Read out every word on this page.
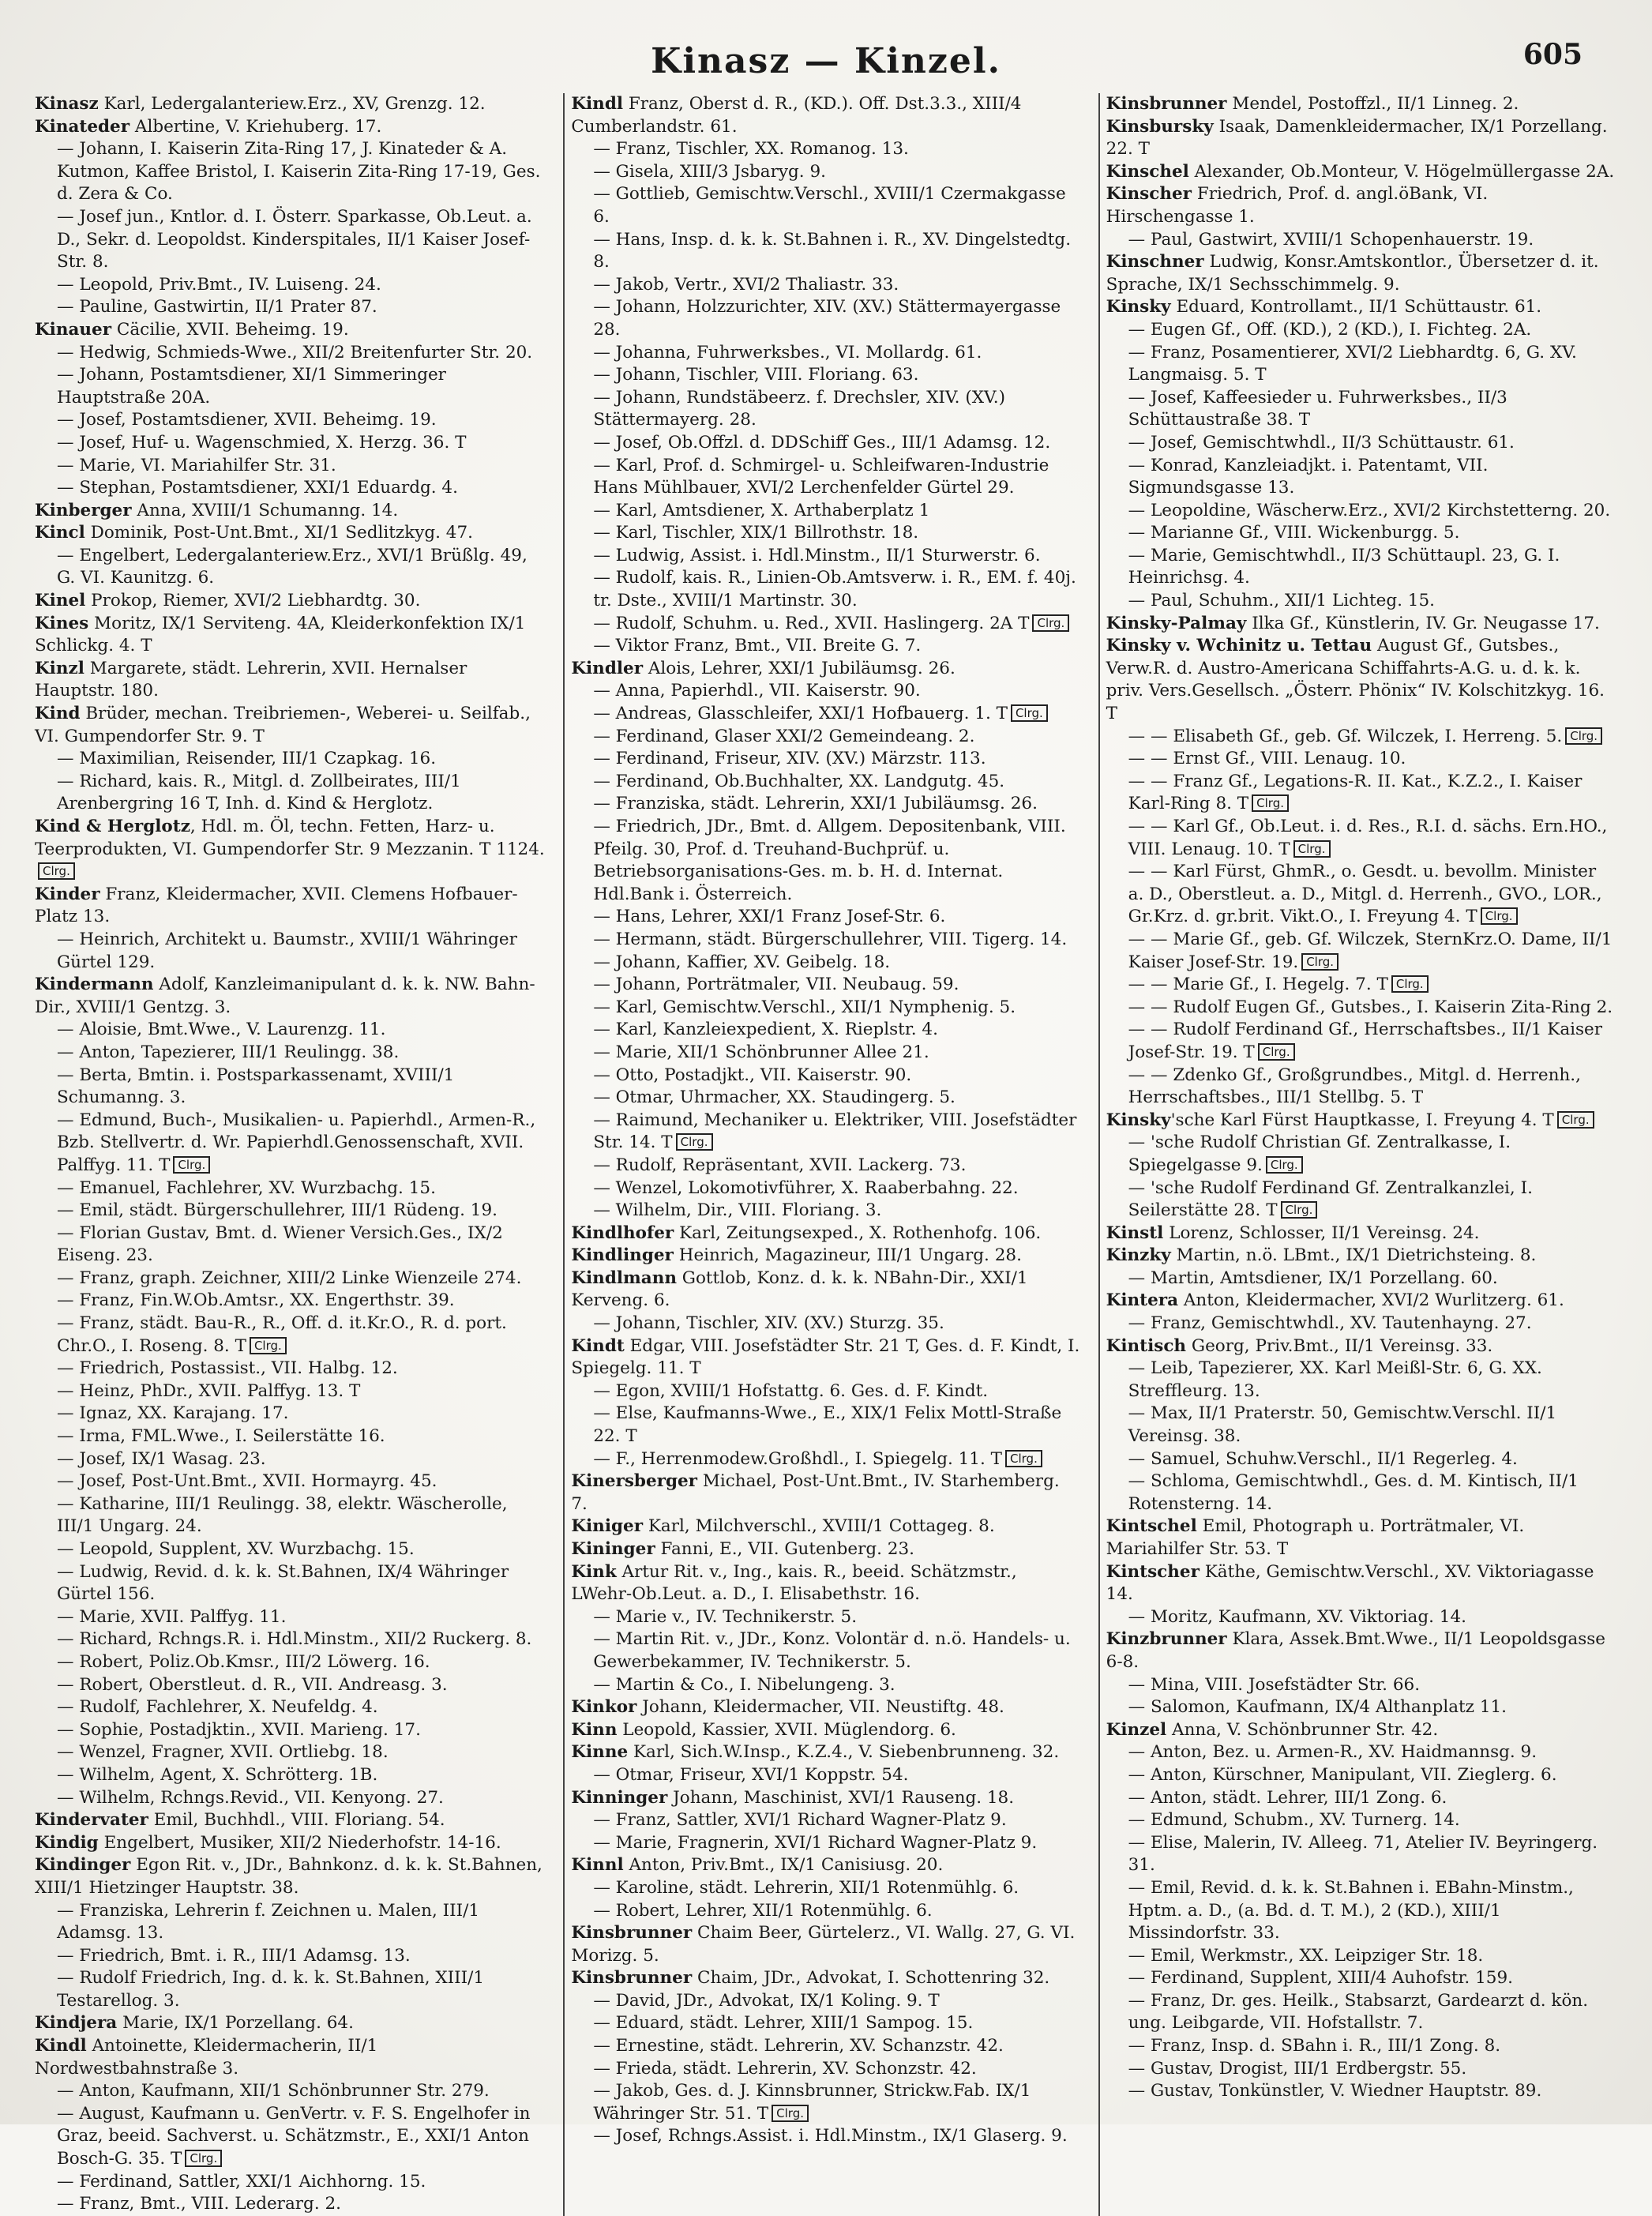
Kinasz — Kinzel.	605

Kinasz Karl, Ledergalanteriew.Erz., XV, Grenzg. 12.

Kinateder Albertine, V. Kriehuberg. 17.

— Johann, I. Kaiserin Zita-Ring 17, J. Kinateder & A. Kutmon, Kaffee Bristol, I. Kaiserin Zita-Ring 17-19, Ges. d. Zera & Co.

— Josef jun., Kntlor. d. I. Österr. Sparkasse, Ob.Leut. a. D., Sekr. d. Leopoldst. Kinderspitales, II/1 Kaiser Josef-Str. 8.

— Leopold, Priv.Bmt., IV. Luiseng. 24.

— Pauline, Gastwirtin, II/1 Prater 87.

Kinauer Cäcilie, XVII. Beheimg. 19.

— Hedwig, Schmieds-Wwe., XII/2 Breitenfurter Str. 20.

— Johann, Postamtsdiener, XI/1 Simmeringer Hauptstraße 20A.

— Josef, Postamtsdiener, XVII. Beheimg. 19.

— Josef, Huf- u. Wagenschmied, X. Herzg. 36. T

— Marie, VI. Mariahilfer Str. 31.

— Stephan, Postamtsdiener, XXI/1 Eduardg. 4.

Kinberger Anna, XVIII/1 Schumanng. 14.

Kincl Dominik, Post-Unt.Bmt., XI/1 Sedlitzkyg. 47.

— Engelbert, Ledergalanteriew.Erz., XVI/1 Brüßlg. 49, G. VI. Kaunitzg. 6.

Kinel Prokop, Riemer, XVI/2 Liebhardtg. 30.

Kines Moritz, IX/1 Serviteng. 4A, Kleiderkonfektion IX/1 Schlickg. 4. T

Kinzl Margarete, städt. Lehrerin, XVII. Hernalser Hauptstr. 180.

Kind Brüder, mechan. Treibriemen-, Weberei- u. Seilfab., VI. Gumpendorfer Str. 9. T

— Maximilian, Reisender, III/1 Czapkag. 16.

— Richard, kais. R., Mitgl. d. Zollbeirates, III/1 Arenbergring 16 T, Inh. d. Kind & Herglotz.

Kind & Herglotz, Hdl. m. Öl, techn. Fetten, Harz- u. Teerprodukten, VI. Gumpendorfer Str. 9 Mezzanin. T 1124.Clrg.

Kinder Franz, Kleidermacher, XVII. Clemens Hofbauer-Platz 13.

— Heinrich, Architekt u. Baumstr., XVIII/1 Währinger Gürtel 129.

Kindermann Adolf, Kanzleimanipulant d. k. k. NW. Bahn-Dir., XVIII/1 Gentzg. 3.

— Aloisie, Bmt.Wwe., V. Laurenzg. 11.

— Anton, Tapezierer, III/1 Reulingg. 38.

— Berta, Bmtin. i. Postsparkassenamt, XVIII/1 Schumanng. 3.

— Edmund, Buch-, Musikalien- u. Papierhdl., Armen-R., Bzb. Stellvertr. d. Wr. Papierhdl.Genossenschaft, XVII. Palffyg. 11. T Clrg.

— Emanuel, Fachlehrer, XV. Wurzbachg. 15.

— Emil, städt. Bürgerschullehrer, III/1 Rüdeng. 19.

— Florian Gustav, Bmt. d. Wiener Versich.Ges., IX/2 Eiseng. 23.

— Franz, graph. Zeichner, XIII/2 Linke Wienzeile 274.

— Franz, Fin.W.Ob.Amtsr., XX. Engerthstr. 39.

— Franz, städt. Bau-R., R., Off. d. it.Kr.O., R. d. port. Chr.O., I. Roseng. 8. T Clrg.

— Friedrich, Postassist., VII. Halbg. 12.

— Heinz, PhDr., XVII. Palffyg. 13. T

— Ignaz, XX. Karajang. 17.

— Irma, FML.Wwe., I. Seilerstätte 16.

— Josef, IX/1 Wasag. 23.

— Josef, Post-Unt.Bmt., XVII. Hormayrg. 45.

— Katharine, III/1 Reulingg. 38, elektr. Wäscherolle, III/1 Ungarg. 24.

— Leopold, Supplent, XV. Wurzbachg. 15.

— Ludwig, Revid. d. k. k. St.Bahnen, IX/4 Währinger Gürtel 156.

— Marie, XVII. Palffyg. 11.

— Richard, Rchngs.R. i. Hdl.Minstm., XII/2 Ruckerg. 8.

— Robert, Poliz.Ob.Kmsr., III/2 Löwerg. 16.

— Robert, Oberstleut. d. R., VII. Andreasg. 3.

— Rudolf, Fachlehrer, X. Neufeldg. 4.

— Sophie, Postadjktin., XVII. Marieng. 17.

— Wenzel, Fragner, XVII. Ortliebg. 18.

— Wilhelm, Agent, X. Schrötterg. 1B.

— Wilhelm, Rchngs.Revid., VII. Kenyong. 27.

Kindervater Emil, Buchhdl., VIII. Floriang. 54.

Kindig Engelbert, Musiker, XII/2 Niederhofstr. 14-16.

Kindinger Egon Rit. v., JDr., Bahnkonz. d. k. k. St.Bahnen, XIII/1 Hietzinger Hauptstr. 38.

— Franziska, Lehrerin f. Zeichnen u. Malen, III/1 Adamsg. 13.

— Friedrich, Bmt. i. R., III/1 Adamsg. 13.

— Rudolf Friedrich, Ing. d. k. k. St.Bahnen, XIII/1 Testarellog. 3.

Kindjera Marie, IX/1 Porzellang. 64.

Kindl Antoinette, Kleidermacherin, II/1 Nordwestbahnstraße 3.

— Anton, Kaufmann, XII/1 Schönbrunner Str. 279.

— August, Kaufmann u. GenVertr. v. F. S. Engelhofer in Graz, beeid. Sachverst. u. Schätzmstr., E., XXI/1 Anton Bosch-G. 35. T Clrg.

— Ferdinand, Sattler, XXI/1 Aichhorng. 15.

— Franz, Bmt., VIII. Lederarg. 2.

Kindl Franz, Oberst d. R., (KD.). Off. Dst.3.3., XIII/4 Cumberlandstr. 61.

— Franz, Tischler, XX. Romanog. 13.

— Gisela, XIII/3 Jsbaryg. 9.

— Gottlieb, Gemischtw.Verschl., XVIII/1 Czermakgasse 6.

— Hans, Insp. d. k. k. St.Bahnen i. R., XV. Dingelstedtg. 8.

— Jakob, Vertr., XVI/2 Thaliastr. 33.

— Johann, Holzzurichter, XIV. (XV.) Stättermayergasse 28.

— Johanna, Fuhrwerksbes., VI. Mollardg. 61.

— Johann, Tischler, VIII. Floriang. 63.

— Johann, Rundstäbeerz. f. Drechsler, XIV. (XV.) Stättermayerg. 28.

— Josef, Ob.Offzl. d. DDSchiff Ges., III/1 Adamsg. 12.

— Karl, Prof. d. Schmirgel- u. Schleifwaren-Industrie Hans Mühlbauer, XVI/2 Lerchenfelder Gürtel 29.

— Karl, Amtsdiener, X. Arthaberplatz 1

— Karl, Tischler, XIX/1 Billrothstr. 18.

— Ludwig, Assist. i. Hdl.Minstm., II/1 Sturwerstr. 6.

— Rudolf, kais. R., Linien-Ob.Amtsverw. i. R., EM. f. 40j. tr. Dste., XVIII/1 Martinstr. 30.

— Rudolf, Schuhm. u. Red., XVII. Haslingerg. 2A T Clrg.

— Viktor Franz, Bmt., VII. Breite G. 7.

Kindler Alois, Lehrer, XXI/1 Jubiläumsg. 26.

— Anna, Papierhdl., VII. Kaiserstr. 90.

— Andreas, Glasschleifer, XXI/1 Hofbauerg. 1. T Clrg.

— Ferdinand, Glaser XXI/2 Gemeindeang. 2.

— Ferdinand, Friseur, XIV. (XV.) Märzstr. 113.

— Ferdinand, Ob.Buchhalter, XX. Landgutg. 45.

— Franziska, städt. Lehrerin, XXI/1 Jubiläumsg. 26.

— Friedrich, JDr., Bmt. d. Allgem. Depositenbank, VIII. Pfeilg. 30, Prof. d. Treuhand-Buchprüf. u. Betriebsorganisations-Ges. m. b. H. d. Internat. Hdl.Bank i. Österreich.

— Hans, Lehrer, XXI/1 Franz Josef-Str. 6.

— Hermann, städt. Bürgerschullehrer, VIII. Tigerg. 14.

— Johann, Kaffier, XV. Geibelg. 18.

— Johann, Porträtmaler, VII. Neubaug. 59.

— Karl, Gemischtw.Verschl., XII/1 Nymphenig. 5.

— Karl, Kanzleiexpedient, X. Rieplstr. 4.

— Marie, XII/1 Schönbrunner Allee 21.

— Otto, Postadjkt., VII. Kaiserstr. 90.

— Otmar, Uhrmacher, XX. Staudingerg. 5.

— Raimund, Mechaniker u. Elektriker, VIII. Josefstädter Str. 14. T Clrg.

— Rudolf, Repräsentant, XVII. Lackerg. 73.

— Wenzel, Lokomotivführer, X. Raaberbahng. 22.

— Wilhelm, Dir., VIII. Floriang. 3.

Kindlhofer Karl, Zeitungsexped., X. Rothenhofg. 106.

Kindlinger Heinrich, Magazineur, III/1 Ungarg. 28.

Kindlmann Gottlob, Konz. d. k. k. NBahn-Dir., XXI/1 Kerveng. 6.

— Johann, Tischler, XIV. (XV.) Sturzg. 35.

Kindt Edgar, VIII. Josefstädter Str. 21 T, Ges. d. F. Kindt, I. Spiegelg. 11. T

— Egon, XVIII/1 Hofstattg. 6. Ges. d. F. Kindt.

— Else, Kaufmanns-Wwe., E., XIX/1 Felix Mottl-Straße 22. T

— F., Herrenmodew.Großhdl., I. Spiegelg. 11. T Clrg.

Kinersberger Michael, Post-Unt.Bmt., IV. Starhemberg. 7.

Kiniger Karl, Milchverschl., XVIII/1 Cottageg. 8.

Kininger Fanni, E., VII. Gutenberg. 23.

Kink Artur Rit. v., Ing., kais. R., beeid. Schätzmstr., LWehr-Ob.Leut. a. D., I. Elisabethstr. 16.

— Marie v., IV. Technikerstr. 5.

— Martin Rit. v., JDr., Konz. Volontär d. n.ö. Handels- u. Gewerbekammer, IV. Technikerstr. 5.

— Martin & Co., I. Nibelungeng. 3.

Kinkor Johann, Kleidermacher, VII. Neustiftg. 48.

Kinn Leopold, Kassier, XVII. Müglendorg. 6.

Kinne Karl, Sich.W.Insp., K.Z.4., V. Siebenbrunneng. 32.

— Otmar, Friseur, XVI/1 Koppstr. 54.

Kinninger Johann, Maschinist, XVI/1 Rauseng. 18.

— Franz, Sattler, XVI/1 Richard Wagner-Platz 9.

— Marie, Fragnerin, XVI/1 Richard Wagner-Platz 9.

Kinnl Anton, Priv.Bmt., IX/1 Canisiusg. 20.

— Karoline, städt. Lehrerin, XII/1 Rotenmühlg. 6.

— Robert, Lehrer, XII/1 Rotenmühlg. 6.

Kinsbrunner Chaim Beer, Gürtelerz., VI. Wallg. 27, G. VI. Morizg. 5.

Kinsbrunner Chaim, JDr., Advokat, I. Schottenring 32.

— David, JDr., Advokat, IX/1 Koling. 9. T

— Eduard, städt. Lehrer, XIII/1 Sampog. 15.

— Ernestine, städt. Lehrerin, XV. Schanzstr. 42.

— Frieda, städt. Lehrerin, XV. Schonzstr. 42.

— Jakob, Ges. d. J. Kinnsbrunner, Strickw.Fab. IX/1 Währinger Str. 51. T Clrg.

— Josef, Rchngs.Assist. i. Hdl.Minstm., IX/1 Glaserg. 9.

Kinsbrunner Mendel, Postoffzl., II/1 Linneg. 2.

Kinsbursky Isaak, Damenkleidermacher, IX/1 Porzellang. 22. T

Kinschel Alexander, Ob.Monteur, V. Högelmüllergasse 2A.

Kinscher Friedrich, Prof. d. angl.öBank, VI. Hirschengasse 1.

— Paul, Gastwirt, XVIII/1 Schopenhauerstr. 19.

Kinschner Ludwig, Konsr.Amtskontlor., Übersetzer d. it. Sprache, IX/1 Sechsschimmelg. 9.

Kinsky Eduard, Kontrollamt., II/1 Schüttaustr. 61.

— Eugen Gf., Off. (KD.), 2 (KD.), I. Fichteg. 2A.

— Franz, Posamentierer, XVI/2 Liebhardtg. 6, G. XV. Langmaisg. 5. T

— Josef, Kaffeesieder u. Fuhrwerksbes., II/3 Schüttaustraße 38. T

— Josef, Gemischtwhdl., II/3 Schüttaustr. 61.

— Konrad, Kanzleiadjkt. i. Patentamt, VII. Sigmundsgasse 13.

— Leopoldine, Wäscherw.Erz., XVI/2 Kirchstetterng. 20.

— Marianne Gf., VIII. Wickenburgg. 5.

— Marie, Gemischtwhdl., II/3 Schüttaupl. 23, G. I. Heinrichsg. 4.

— Paul, Schuhm., XII/1 Lichteg. 15.

Kinsky-Palmay Ilka Gf., Künstlerin, IV. Gr. Neugasse 17.

Kinsky v. Wchinitz u. Tettau August Gf., Gutsbes., Verw.R. d. Austro-Americana Schiffahrts-A.G. u. d. k. k. priv. Vers.Gesellsch. „Österr. Phönix“ IV. Kolschitzkyg. 16. T

— — Elisabeth Gf., geb. Gf. Wilczek, I. Herreng. 5. Clrg.

— — Ernst Gf., VIII. Lenaug. 10.

— — Franz Gf., Legations-R. II. Kat., K.Z.2., I. Kaiser Karl-Ring 8. T Clrg.

— — Karl Gf., Ob.Leut. i. d. Res., R.I. d. sächs. Ern.HO., VIII. Lenaug. 10. T Clrg.

— — Karl Fürst, GhmR., o. Gesdt. u. bevollm. Minister a. D., Oberstleut. a. D., Mitgl. d. Herrenh., GVO., LOR., Gr.Krz. d. gr.brit. Vikt.O., I. Freyung 4. T Clrg.

— — Marie Gf., geb. Gf. Wilczek, SternKrz.O. Dame, II/1 Kaiser Josef-Str. 19. Clrg.

— — Marie Gf., I. Hegelg. 7. T Clrg.

— — Rudolf Eugen Gf., Gutsbes., I. Kaiserin Zita-Ring 2.

— — Rudolf Ferdinand Gf., Herrschaftsbes., II/1 Kaiser Josef-Str. 19. T Clrg.

— — Zdenko Gf., Großgrundbes., Mitgl. d. Herrenh., Herrschaftsbes., III/1 Stellbg. 5. T

Kinsky'sche Karl Fürst Hauptkasse, I. Freyung 4. T Clrg.

— 'sche Rudolf Christian Gf. Zentralkasse, I. Spiegelgasse 9. Clrg.

— 'sche Rudolf Ferdinand Gf. Zentralkanzlei, I. Seilerstätte 28. T Clrg.

Kinstl Lorenz, Schlosser, II/1 Vereinsg. 24.

Kinzky Martin, n.ö. LBmt., IX/1 Dietrichsteing. 8.

— Martin, Amtsdiener, IX/1 Porzellang. 60.

Kintera Anton, Kleidermacher, XVI/2 Wurlitzerg. 61.

— Franz, Gemischtwhdl., XV. Tautenhayng. 27.

Kintisch Georg, Priv.Bmt., II/1 Vereinsg. 33.

— Leib, Tapezierer, XX. Karl Meißl-Str. 6, G. XX. Streffleurg. 13.

— Max, II/1 Praterstr. 50, Gemischtw.Verschl. II/1 Vereinsg. 38.

— Samuel, Schuhw.Verschl., II/1 Regerleg. 4.

— Schloma, Gemischtwhdl., Ges. d. M. Kintisch, II/1 Rotensterng. 14.

Kintschel Emil, Photograph u. Porträtmaler, VI. Mariahilfer Str. 53. T

Kintscher Käthe, Gemischtw.Verschl., XV. Viktoriagasse 14.

— Moritz, Kaufmann, XV. Viktoriag. 14.

Kinzbrunner Klara, Assek.Bmt.Wwe., II/1 Leopoldsgasse 6-8.

— Mina, VIII. Josefstädter Str. 66.

— Salomon, Kaufmann, IX/4 Althanplatz 11.

Kinzel Anna, V. Schönbrunner Str. 42.

— Anton, Bez. u. Armen-R., XV. Haidmannsg. 9.

— Anton, Kürschner, Manipulant, VII. Zieglerg. 6.

— Anton, städt. Lehrer, III/1 Zong. 6.

— Edmund, Schubm., XV. Turnerg. 14.

— Elise, Malerin, IV. Alleeg. 71, Atelier IV. Beyringerg. 31.

— Emil, Revid. d. k. k. St.Bahnen i. EBahn-Minstm., Hptm. a. D., (a. Bd. d. T. M.), 2 (KD.), XIII/1 Missindorfstr. 33.

— Emil, Werkmstr., XX. Leipziger Str. 18.

— Ferdinand, Supplent, XIII/4 Auhofstr. 159.

— Franz, Dr. ges. Heilk., Stabsarzt, Gardearzt d. kön. ung. Leibgarde, VII. Hofstallstr. 7.

— Franz, Insp. d. SBahn i. R., III/1 Zong. 8.

— Gustav, Drogist, III/1 Erdbergstr. 55.

— Gustav, Tonkünstler, V. Wiedner Hauptstr. 89.
